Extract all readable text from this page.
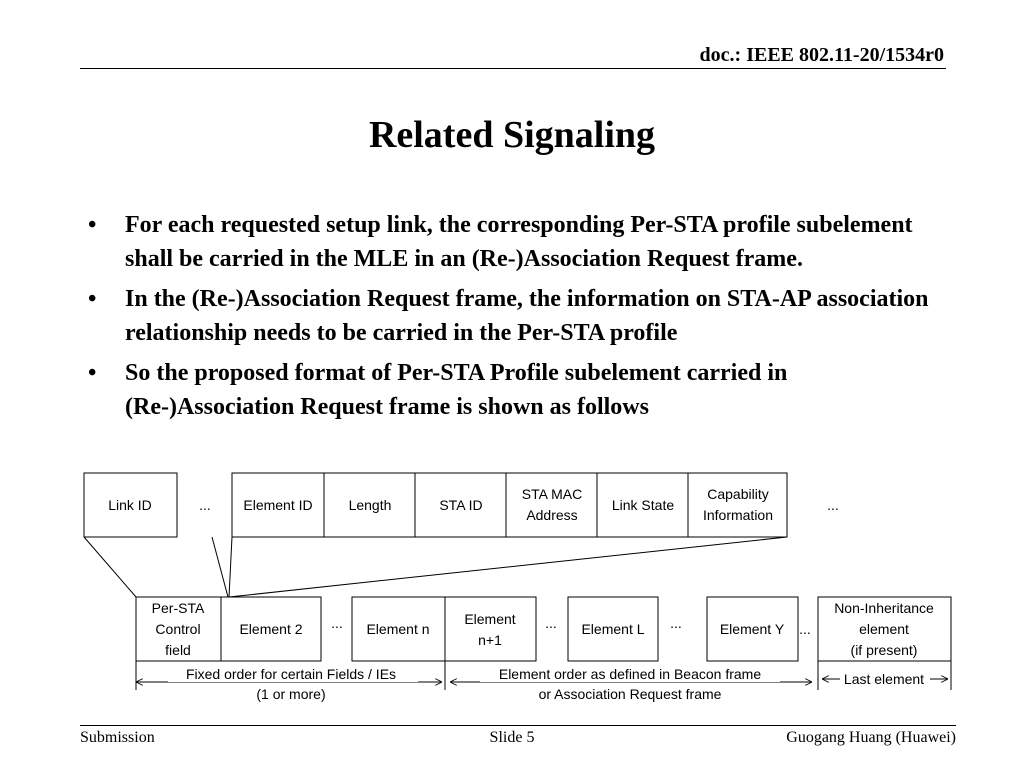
doc.: IEEE 802.11-20/1534r0
Related Signaling
• For each requested setup link, the corresponding Per-STA profile subelement shall be carried in the MLE in an (Re-)Association Request frame.
• In the (Re-)Association Request frame, the information on STA-AP association relationship needs to be carried in the Per-STA profile
• So the proposed format of Per-STA Profile subelement carried in (Re-)Association Request frame is shown as follows
Link ID	... Element ID	Length	STA ID
STA MAC
Address
Link State
Capability
Information
...
Per-STA
Control
field
Element 2 ... Element n
Element
n+1
... Element L ...	Element Y ...
Non-Inheritance
element
(if present)
Fixed order for certain Fields / IEs
(1 or more)
Element order as defined in Beacon frame
or Association Request frame
Last element
Submission	Slide 5	Guogang Huang (Huawei)
